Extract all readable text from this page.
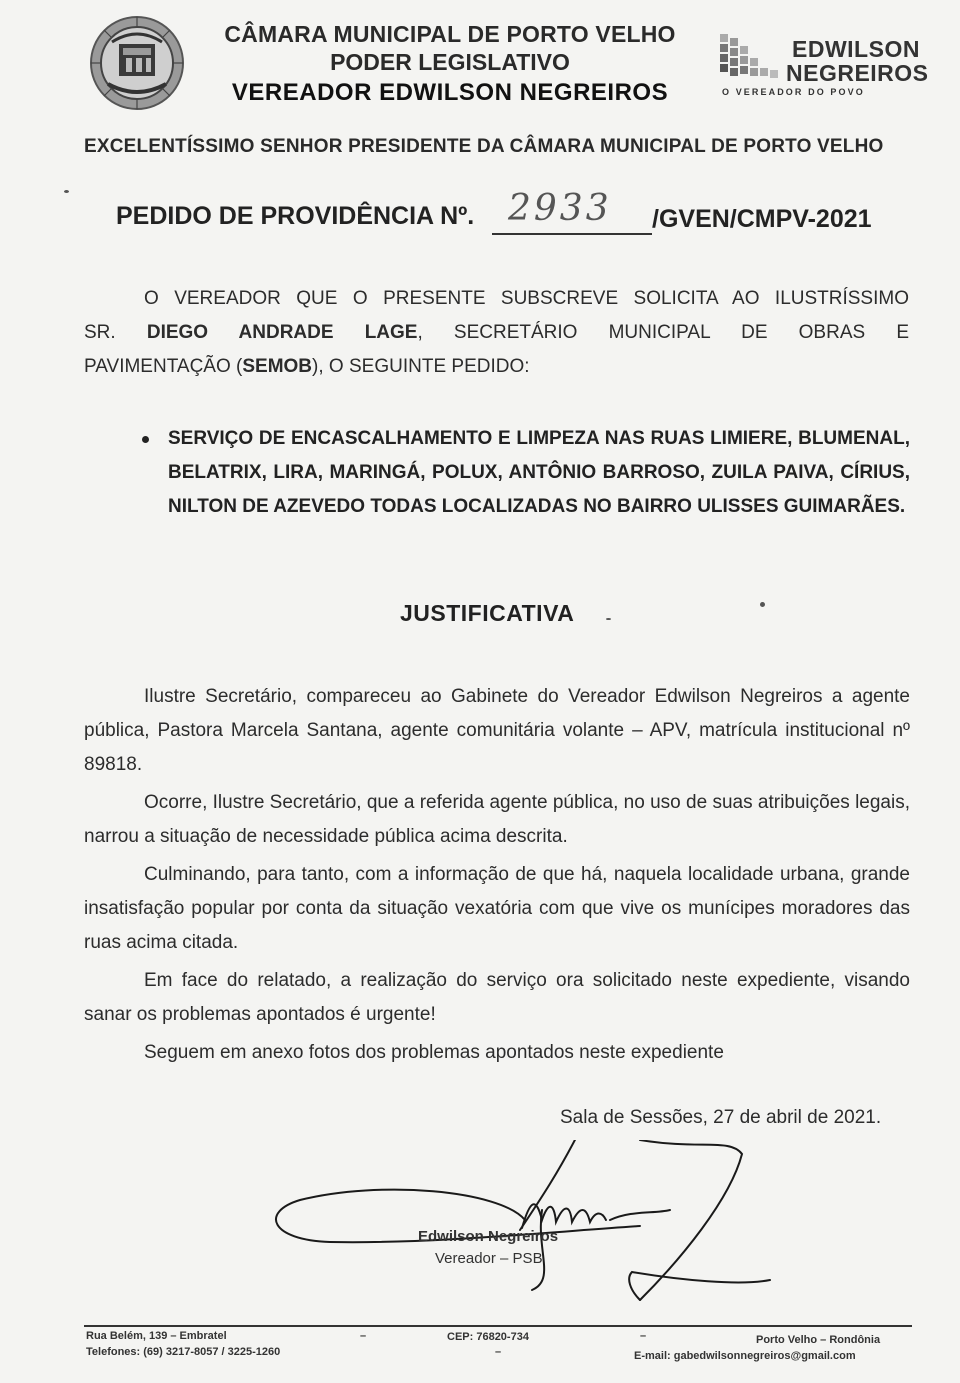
CÂMARA MUNICIPAL DE PORTO VELHO
PODER LEGISLATIVO
VEREADOR EDWILSON NEGREIROS
EDWILSON
NEGREIROS
O VEREADOR DO POVO
EXCELENTÍSSIMO SENHOR PRESIDENTE DA CÂMARA MUNICIPAL DE PORTO VELHO
PEDIDO DE PROVIDÊNCIA Nº. 2933 /GVEN/CMPV-2021
O VEREADOR QUE O PRESENTE SUBSCREVE SOLICITA AO ILUSTRÍSSIMO
SR. DIEGO ANDRADE LAGE, SECRETÁRIO MUNICIPAL DE OBRAS E
PAVIMENTAÇÃO (SEMOB), O SEGUINTE PEDIDO:
SERVIÇO DE ENCASCALHAMENTO E LIMPEZA NAS RUAS LIMIERE, BLUMENAL, BELATRIX, LIRA, MARINGÁ, POLUX, ANTÔNIO BARROSO, ZUILA PAIVA, CÍRIUS, NILTON DE AZEVEDO TODAS LOCALIZADAS NO BAIRRO ULISSES GUIMARÃES.
JUSTIFICATIVA
Ilustre Secretário, compareceu ao Gabinete do Vereador Edwilson Negreiros a agente pública, Pastora Marcela Santana, agente comunitária volante – APV, matrícula institucional nº 89818.
Ocorre, Ilustre Secretário, que a referida agente pública, no uso de suas atribuições legais, narrou a situação de necessidade pública acima descrita.
Culminando, para tanto, com a informação de que há, naquela localidade urbana, grande insatisfação popular por conta da situação vexatória com que vive os munícipes moradores das ruas acima citada.
Em face do relatado, a realização do serviço ora solicitado neste expediente, visando sanar os problemas apontados é urgente!
Seguem em anexo fotos dos problemas apontados neste expediente
Sala de Sessões, 27 de abril de 2021.
Edwilson Negreiros
Vereador – PSB
Rua Belém, 139 – Embratel
Telefones: (69) 3217-8057 / 3225-1260
–	CEP: 76820-734
–
–	Porto Velho – Rondônia
E-mail: gabedwilsonnegreiros@gmail.com
